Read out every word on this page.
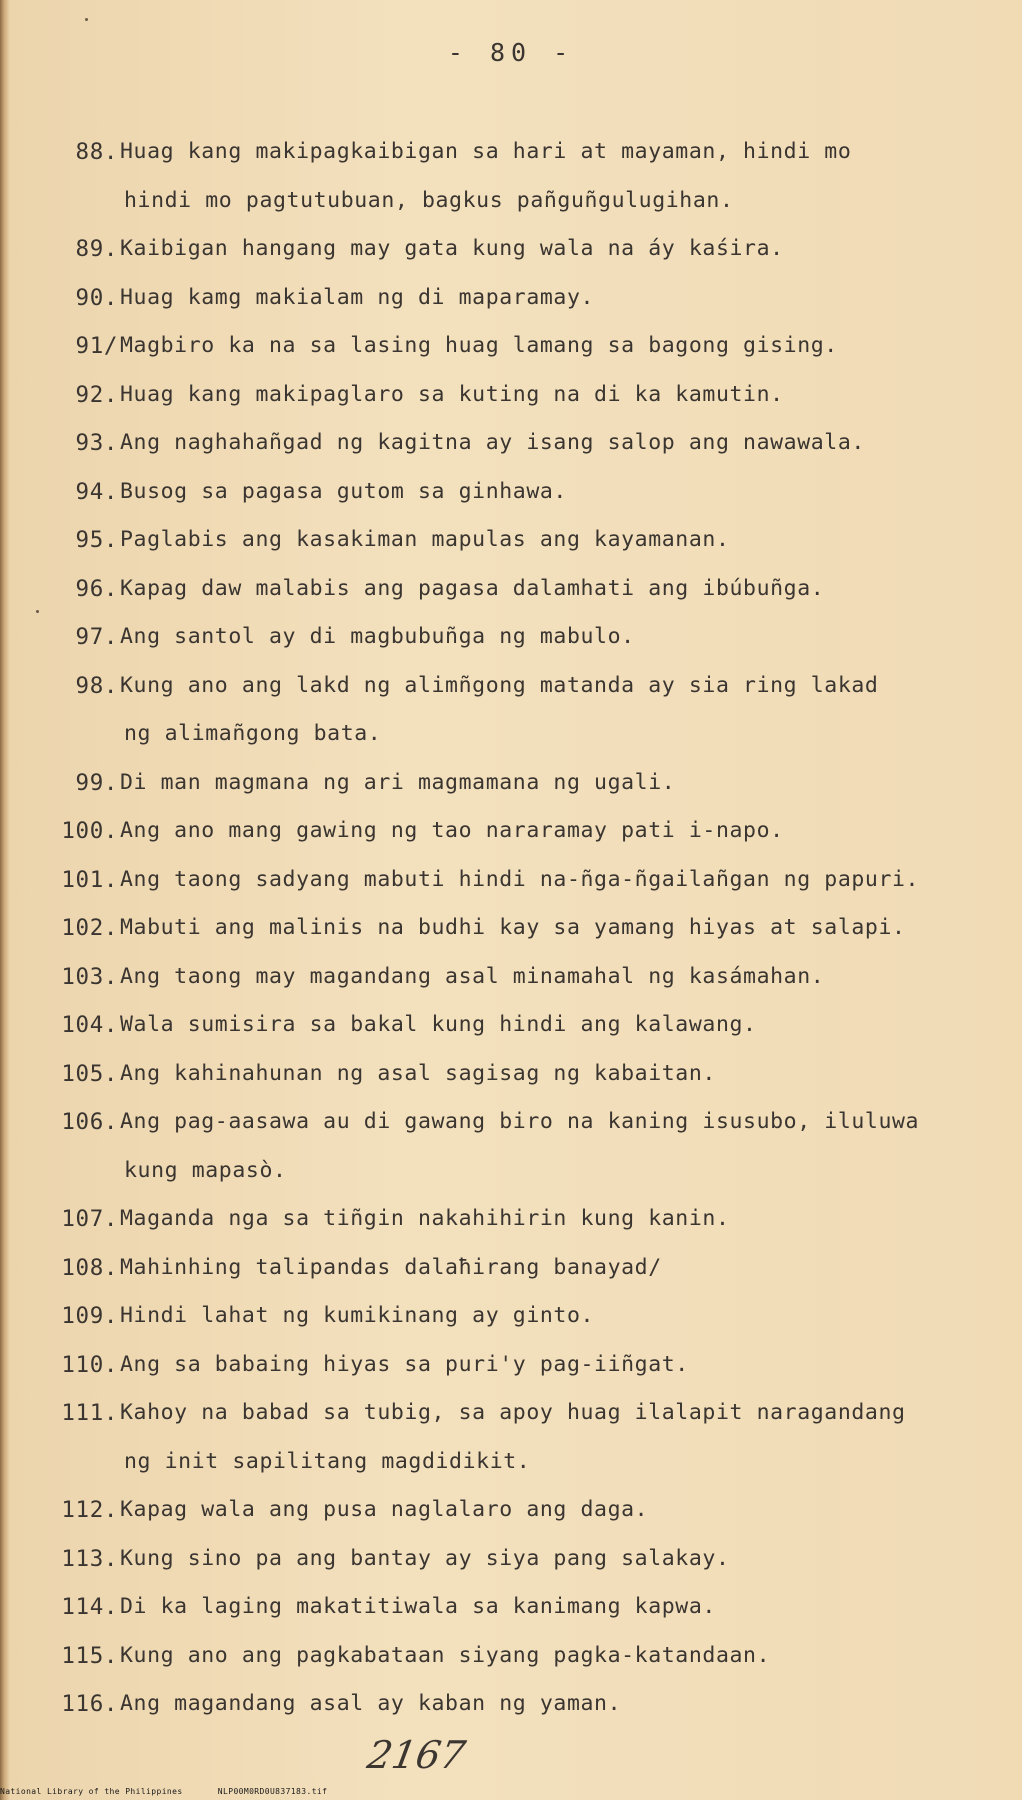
- 80 -
88. Huag kang makipagkaibigan sa hari at mayaman, hindi mo
hindi mo pagtutubuan, bagkus pañguñgulugihan.
89. Kaibigan hangang may gata kung wala na áy kaśira.
90. Huag kamg makialam ng di maparamay.
91/ Magbiro ka na sa lasing huag lamang sa bagong gising.
92. Huag kang makipaglaro sa kuting na di ka kamutin.
93. Ang naghahañgad ng kagitna ay isang salop ang nawawala.
94. Busog sa pagasa gutom sa ginhawa.
95. Paglabis ang kasakiman mapulas ang kayamanan.
96. Kapag daw malabis ang pagasa dalamhati ang ibúbuñga.
97. Ang santol ay di magbubuñga ng mabulo.
98. Kung ano ang lakd ng alimñgong matanda ay sia ring lakad
ng alimañgong bata.
99. Di man magmana ng ari magmamana ng ugali.
100. Ang ano mang gawing ng tao nararamay pati i-napo.
101. Ang taong sadyang mabuti hindi na-ñga-ñgailañgan ng papuri.
102. Mabuti ang malinis na budhi kay sa yamang hiyas at salapi.
103. Ang taong may magandang asal minamahal ng kasámahan.
104. Wala sumisira sa bakal kung hindi ang kalawang.
105. Ang kahinahunan ng asal sagisag ng kabaitan.
106. Ang pag-aasawa au di gawang biro na kaning isusubo, iluluwa
kung mapasò.
107. Maganda nga sa tiñgin nakahihirin kung kanin.
108. Mahinhing talipandas dalaħirang banayad/
109. Hindi lahat ng kumikinang ay ginto.
110. Ang sa babaing hiyas sa puri'y pag-iiñgat.
111. Kahoy na babad sa tubig, sa apoy huag ilalapit naragandang
ng init sapilitang magdidikit.
112. Kapag wala ang pusa naglalaro ang daga.
113. Kung sino pa ang bantay ay siya pang salakay.
114. Di ka laging makatitiwala sa kanimang kapwa.
115. Kung ano ang pagkabataan siyang pagka-katandaan.
116. Ang magandang asal ay kaban ng yaman.
2167
National Library of the Philippines	NLP00M0RD0U837183.tif
